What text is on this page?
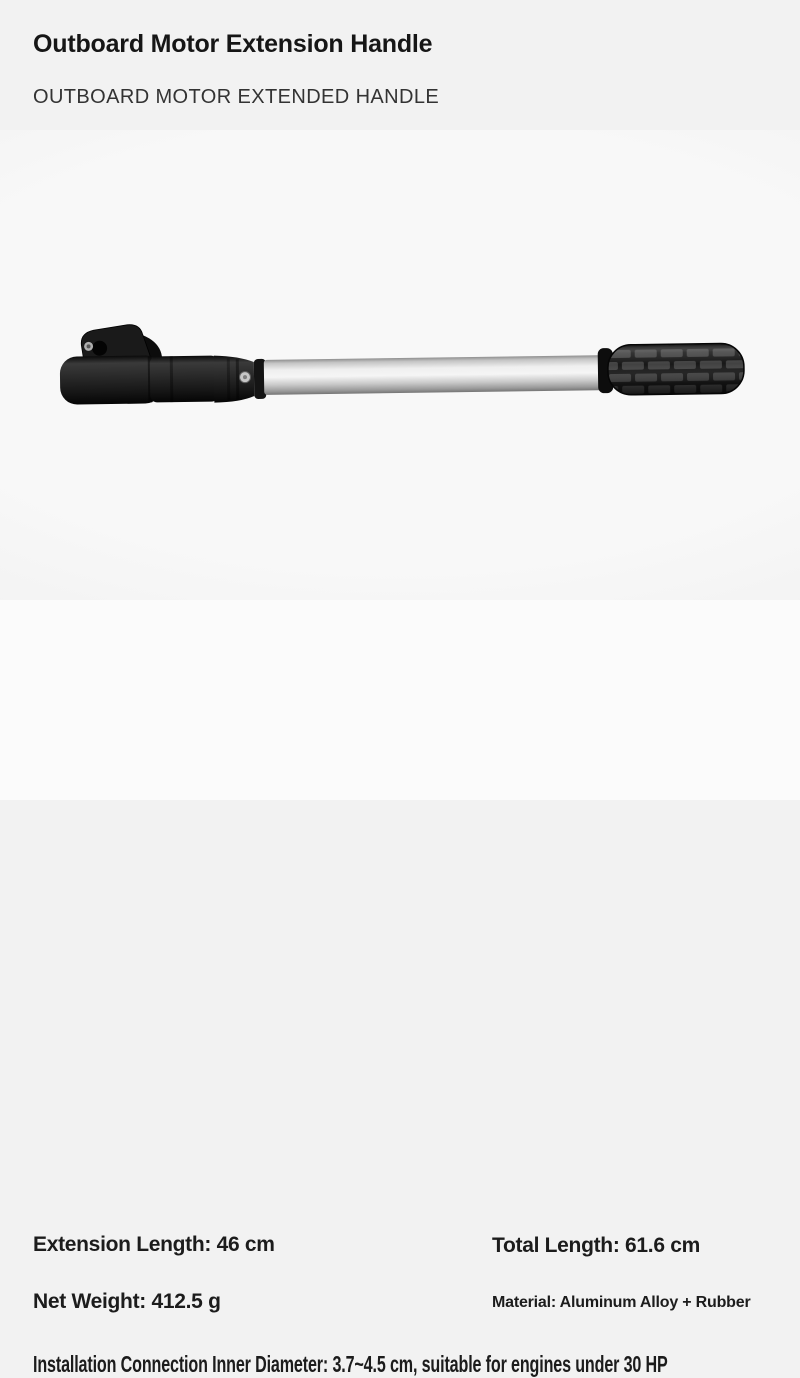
Outboard Motor Extension Handle
OUTBOARD MOTOR EXTENDED HANDLE
Extension Length: 46 cm	Total Length: 61.6 cm
Net Weight: 412.5 g	Material: Aluminum Alloy + Rubber
Installation Connection Inner Diameter: 3.7~4.5 cm, suitable for engines under 30 HP
